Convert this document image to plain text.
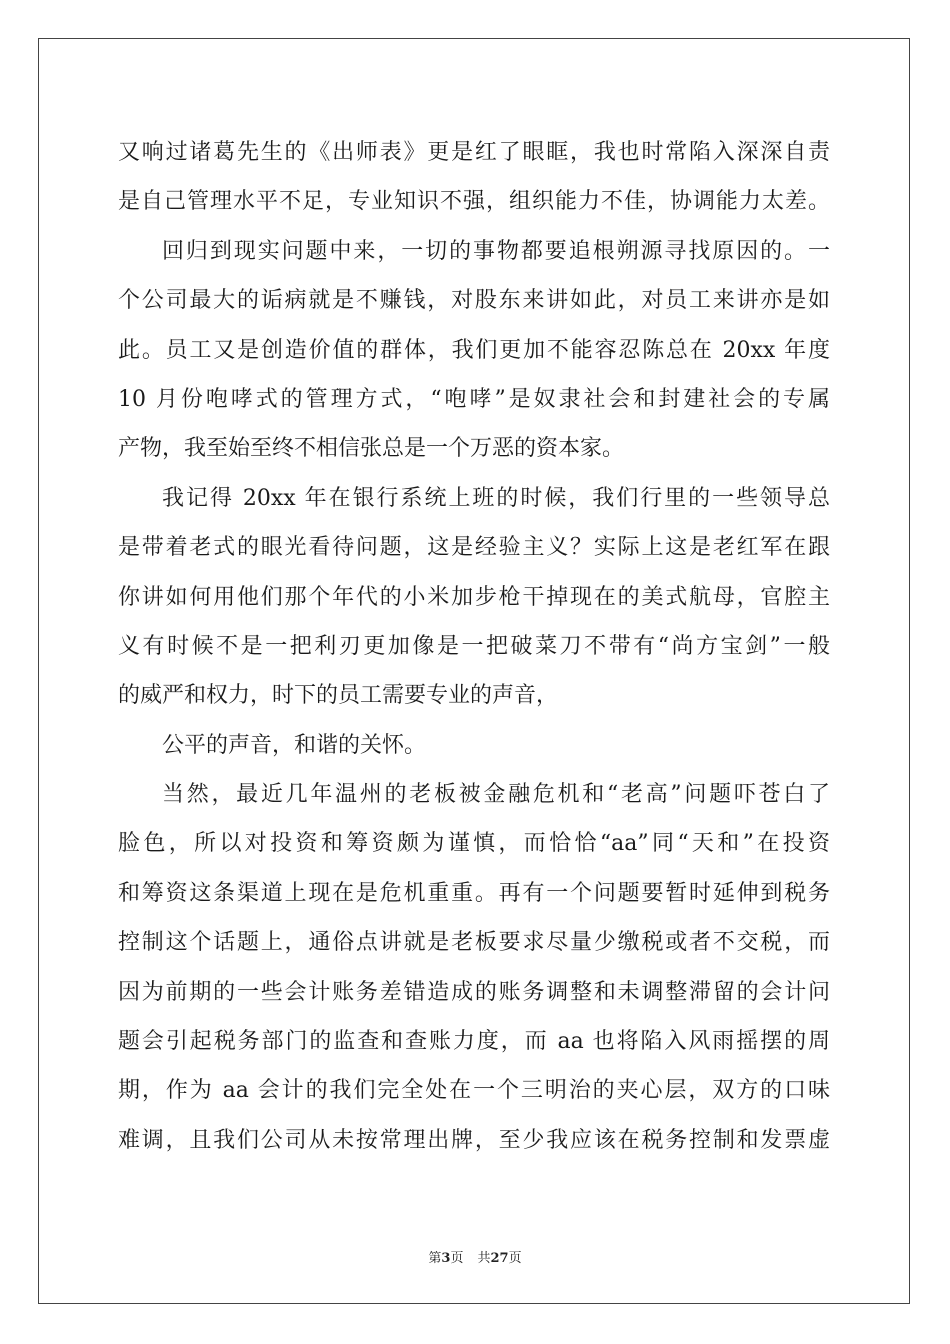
又响过诸葛先生的《出师表》更是红了眼眶，我也时常陷入深深自责
是自己管理水平不足，专业知识不强，组织能力不佳，协调能力太差。
回归到现实问题中来，一切的事物都要追根朔源寻找原因的。一
个公司最大的诟病就是不赚钱，对股东来讲如此，对员工来讲亦是如
此。员工又是创造价值的群体，我们更加不能容忍陈总在 20xx 年度
10 月份咆哮式的管理方式，“咆哮”是奴隶社会和封建社会的专属
产物，我至始至终不相信张总是一个万恶的资本家。
我记得 20xx 年在银行系统上班的时候，我们行里的一些领导总
是带着老式的眼光看待问题，这是经验主义？实际上这是老红军在跟
你讲如何用他们那个年代的小米加步枪干掉现在的美式航母，官腔主
义有时候不是一把利刃更加像是一把破菜刀不带有“尚方宝剑”一般
的威严和权力，时下的员工需要专业的声音，
公平的声音，和谐的关怀。
当然，最近几年温州的老板被金融危机和“老高”问题吓苍白了
脸色，所以对投资和筹资颇为谨慎，而恰恰“aa”同“天和”在投资
和筹资这条渠道上现在是危机重重。再有一个问题要暂时延伸到税务
控制这个话题上，通俗点讲就是老板要求尽量少缴税或者不交税，而
因为前期的一些会计账务差错造成的账务调整和未调整滞留的会计问
题会引起税务部门的监查和查账力度，而 aa 也将陷入风雨摇摆的周
期，作为 aa 会计的我们完全处在一个三明治的夹心层，双方的口味
难调，且我们公司从未按常理出牌，至少我应该在税务控制和发票虚
第3页 共27页
